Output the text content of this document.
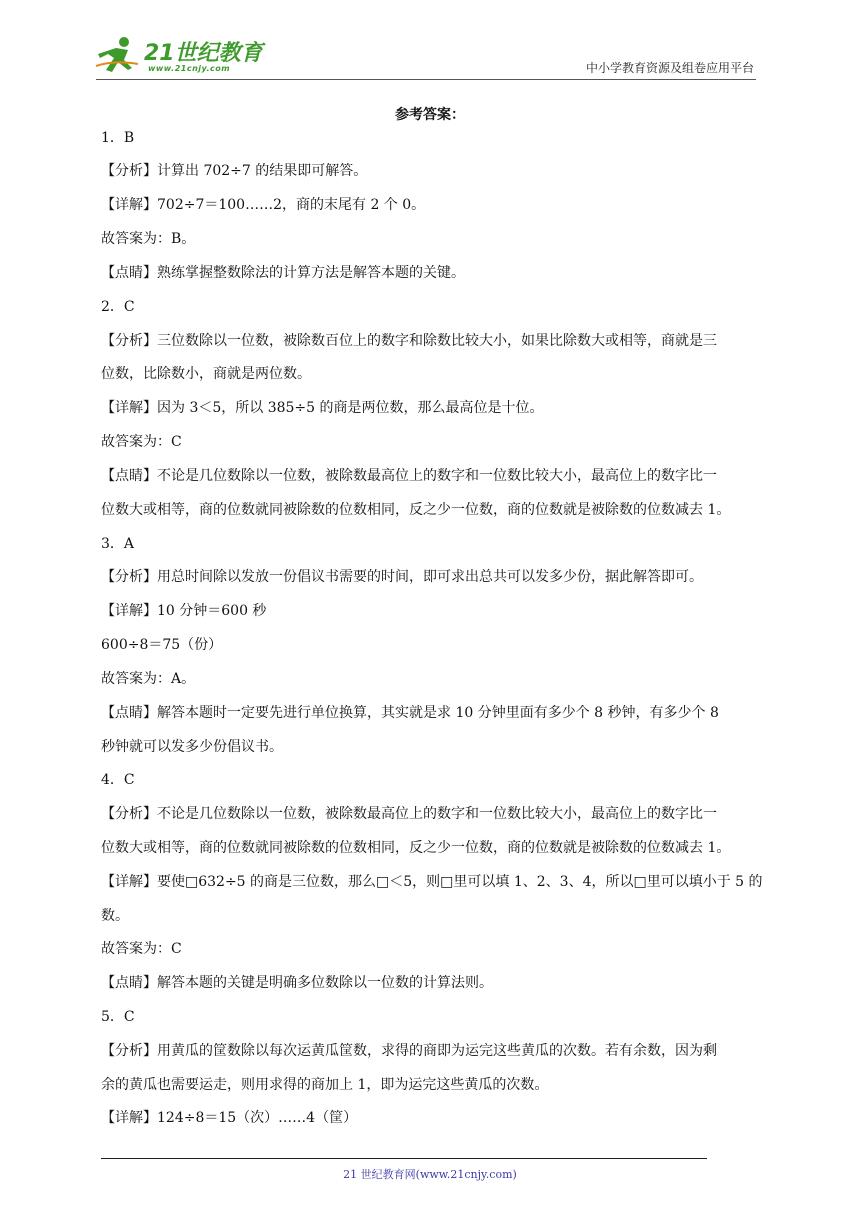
21世纪教育
www.21cnjy.com	中小学教育资源及组卷应用平台
参考答案：
1．B
【分析】计算出 702÷7 的结果即可解答。
【详解】702÷7＝100……2，商的末尾有 2 个 0。
故答案为：B。
【点睛】熟练掌握整数除法的计算方法是解答本题的关键。
2．C
【分析】三位数除以一位数，被除数百位上的数字和除数比较大小，如果比除数大或相等，商就是三
位数，比除数小，商就是两位数。
【详解】因为 3＜5，所以 385÷5 的商是两位数，那么最高位是十位。
故答案为：C
【点睛】不论是几位数除以一位数，被除数最高位上的数字和一位数比较大小，最高位上的数字比一
位数大或相等，商的位数就同被除数的位数相同，反之少一位数，商的位数就是被除数的位数减去 1。
3．A
【分析】用总时间除以发放一份倡议书需要的时间，即可求出总共可以发多少份，据此解答即可。
【详解】10 分钟＝600 秒
600÷8＝75（份）
故答案为：A。
【点睛】解答本题时一定要先进行单位换算，其实就是求 10 分钟里面有多少个 8 秒钟，有多少个 8
秒钟就可以发多少份倡议书。
4．C
【分析】不论是几位数除以一位数，被除数最高位上的数字和一位数比较大小，最高位上的数字比一
位数大或相等，商的位数就同被除数的位数相同，反之少一位数，商的位数就是被除数的位数减去 1。
【详解】要使□632÷5 的商是三位数，那么□＜5，则□里可以填 1、2、3、4，所以□里可以填小于 5 的
数。
故答案为：C
【点睛】解答本题的关键是明确多位数除以一位数的计算法则。
5．C
【分析】用黄瓜的筐数除以每次运黄瓜筐数，求得的商即为运完这些黄瓜的次数。若有余数，因为剩
余的黄瓜也需要运走，则用求得的商加上 1，即为运完这些黄瓜的次数。
【详解】124÷8＝15（次）……4（筐）
21 世纪教育网(www.21cnjy.com)
